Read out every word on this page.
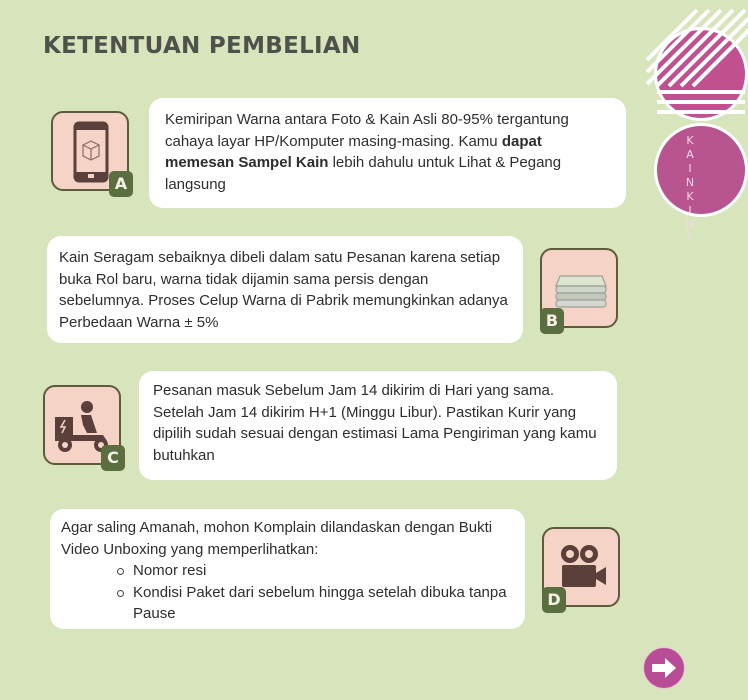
KETENTUAN PEMBELIAN
K
A
I
N
K
I
N
I
A
Kemiripan Warna antara Foto & Kain Asli 80-95% tergantung cahaya layar HP/Komputer masing-masing. Kamu dapat memesan Sampel Kain lebih dahulu untuk Lihat & Pegang langsung
Kain Seragam sebaiknya dibeli dalam satu Pesanan karena setiap buka Rol baru, warna tidak dijamin sama persis dengan sebelumnya. Proses Celup Warna di Pabrik memungkinkan adanya Perbedaan Warna ± 5%	B
C
Pesanan masuk Sebelum Jam 14 dikirim di Hari yang sama. Setelah Jam 14 dikirim H+1 (Minggu Libur). Pastikan Kurir yang dipilih sudah sesuai dengan estimasi Lama Pengiriman yang kamu butuhkan
Agar saling Amanah, mohon Komplain dilandaskan dengan Bukti Video Unboxing yang memperlihatkan:
Nomor resi
Kondisi Paket dari sebelum hingga setelah dibuka tanpa Pause
D
